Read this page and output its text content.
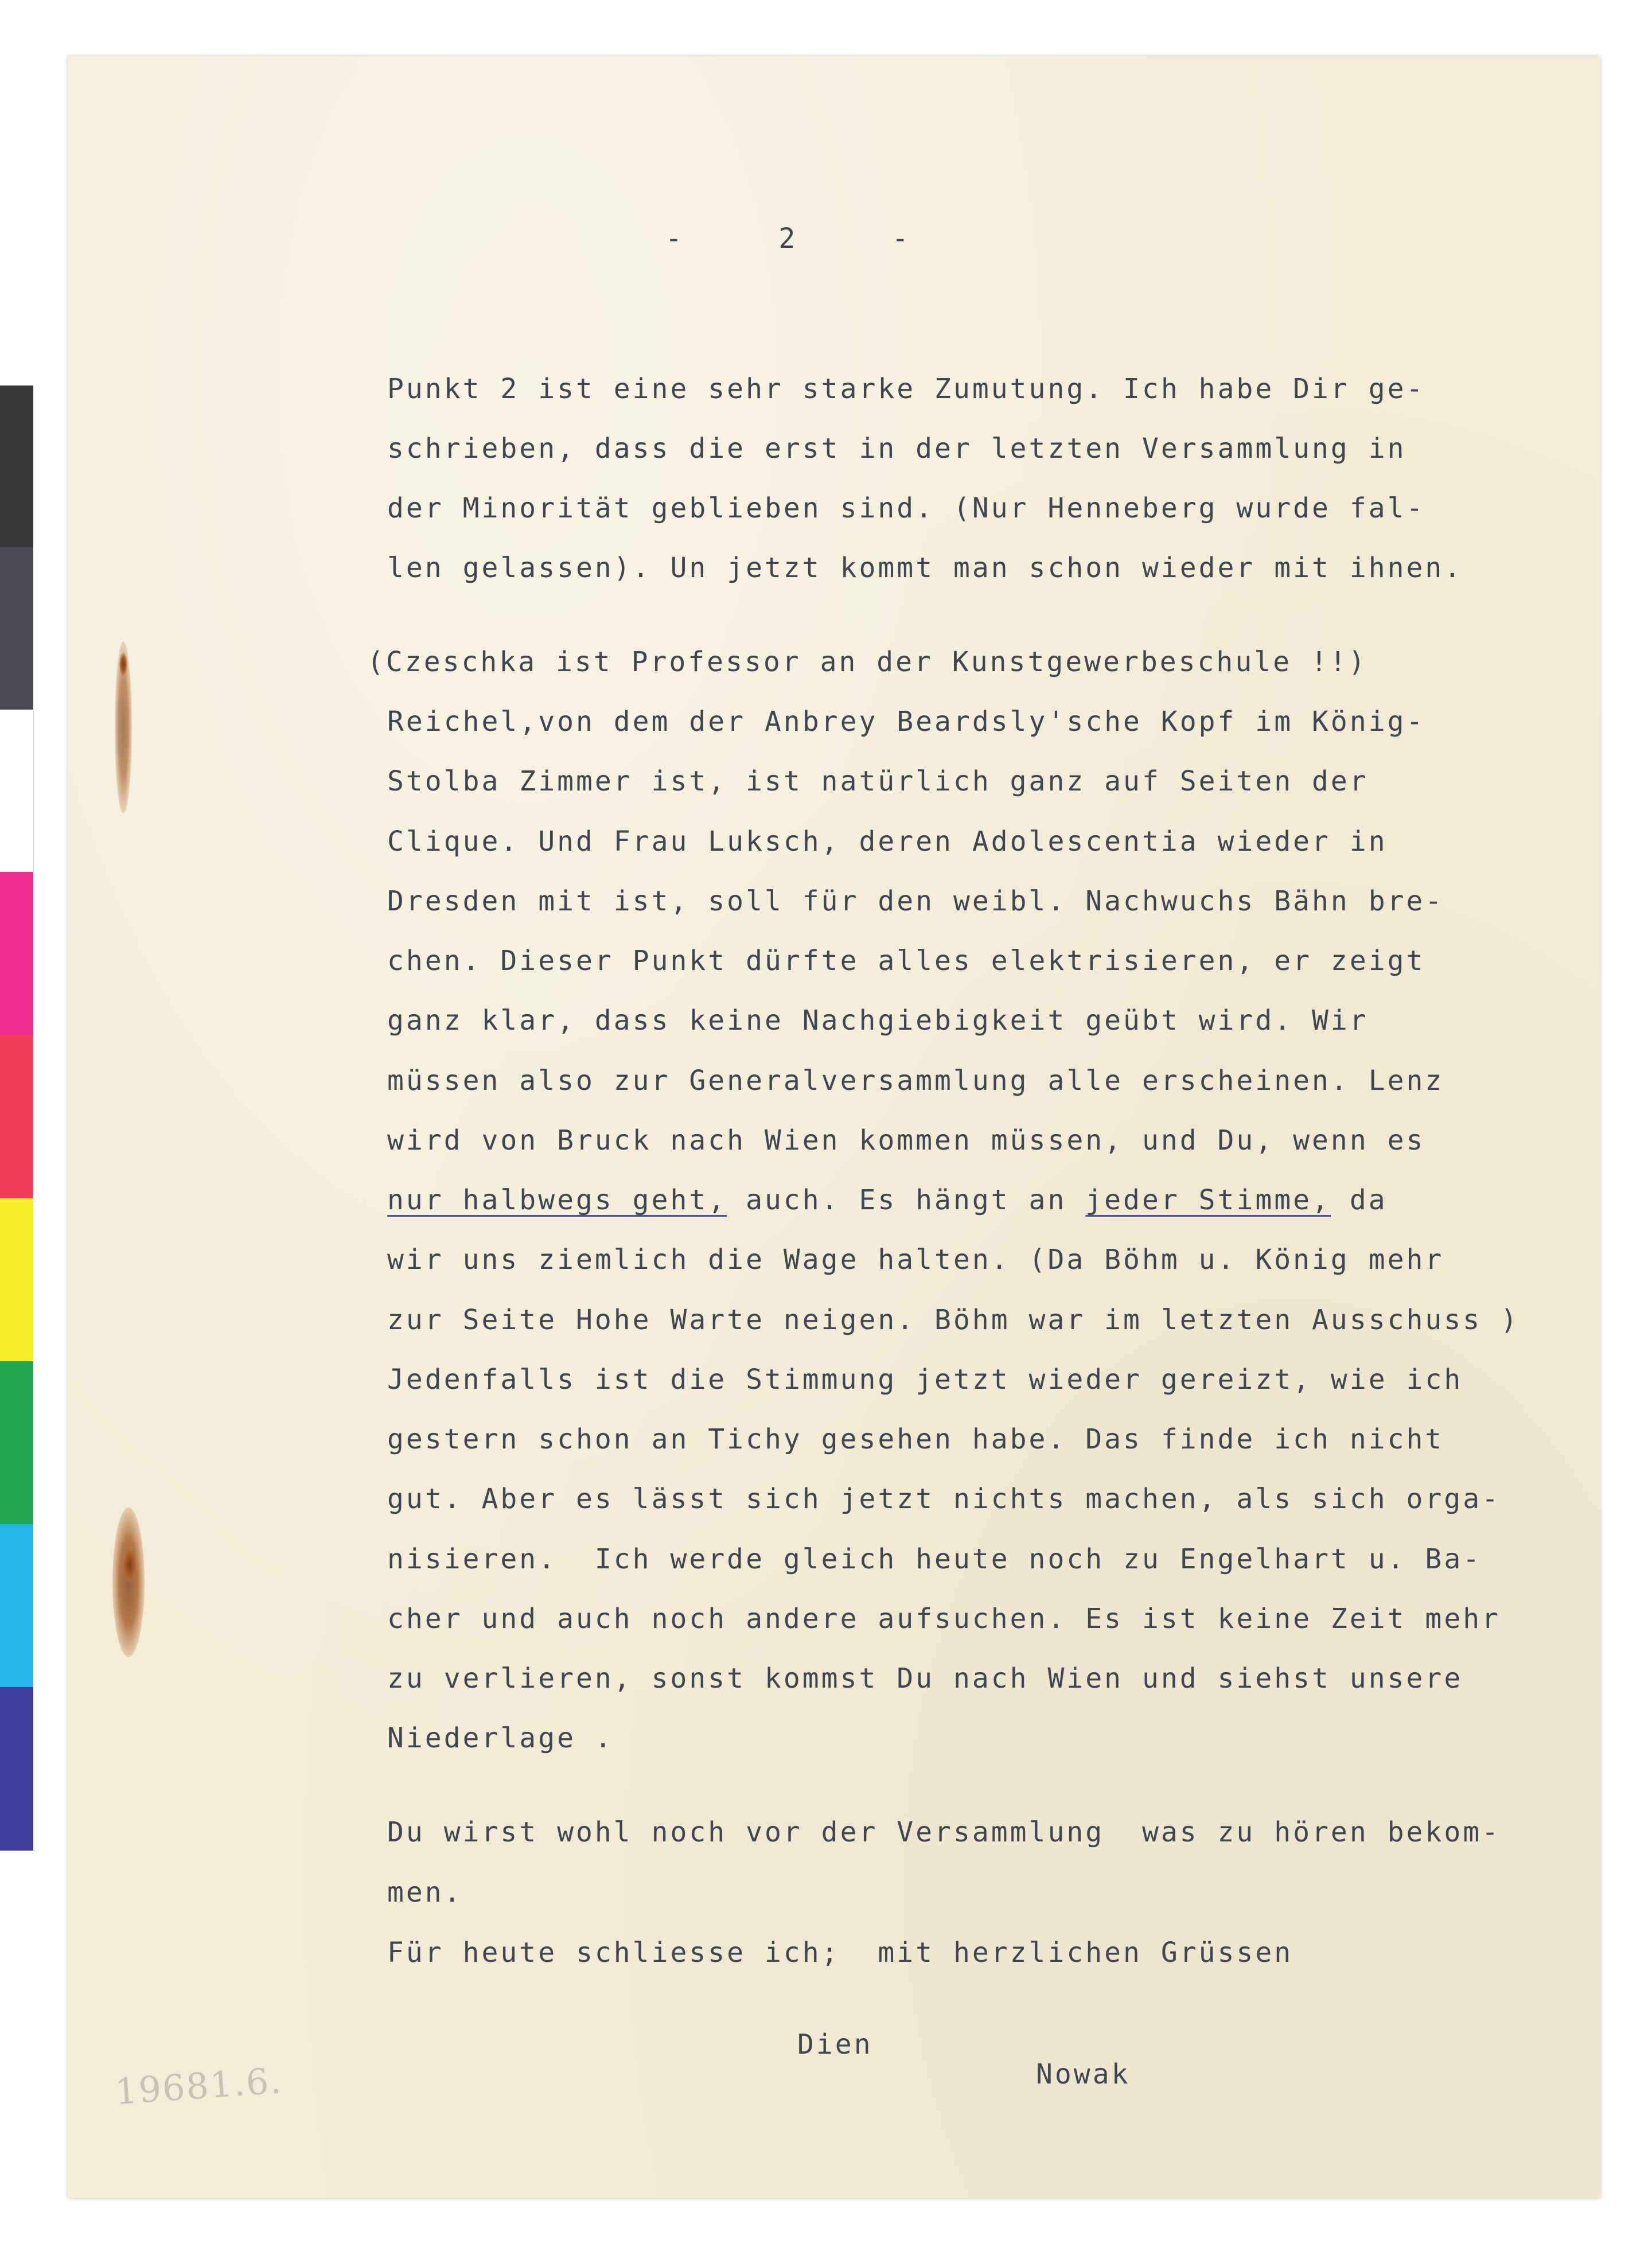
-     2     -

Punkt 2 ist eine sehr starke Zumutung. Ich habe Dir ge-

schrieben, dass die erst in der letzten Versammlung in

der Minorität geblieben sind. (Nur Henneberg wurde fal-

len gelassen). Un jetzt kommt man schon wieder mit ihnen.

(Czeschka ist Professor an der Kunstgewerbeschule !!)

Reichel,von dem der Anbrey Beardsly'sche Kopf im König-

Stolba Zimmer ist, ist natürlich ganz auf Seiten der

Clique. Und Frau Luksch, deren Adolescentia wieder in

Dresden mit ist, soll für den weibl. Nachwuchs Bähn bre-

chen. Dieser Punkt dürfte alles elektrisieren, er zeigt

ganz klar, dass keine Nachgiebigkeit geübt wird. Wir

müssen also zur Generalversammlung alle erscheinen. Lenz

wird von Bruck nach Wien kommen müssen, und Du, wenn es

nur halbwegs geht, auch. Es hängt an jeder Stimme, da

wir uns ziemlich die Wage halten. (Da Böhm u. König mehr

zur Seite Hohe Warte neigen. Böhm war im letzten Ausschuss )

Jedenfalls ist die Stimmung jetzt wieder gereizt, wie ich

gestern schon an Tichy gesehen habe. Das finde ich nicht

gut. Aber es lässt sich jetzt nichts machen, als sich orga-

nisieren.  Ich werde gleich heute noch zu Engelhart u. Ba-

cher und auch noch andere aufsuchen. Es ist keine Zeit mehr

zu verlieren, sonst kommst Du nach Wien und siehst unsere

Niederlage .

Du wirst wohl noch vor der Versammlung  was zu hören bekom-

men.

Für heute schliesse ich;  mit herzlichen Grüssen

Dien

Nowak

19681.6.
